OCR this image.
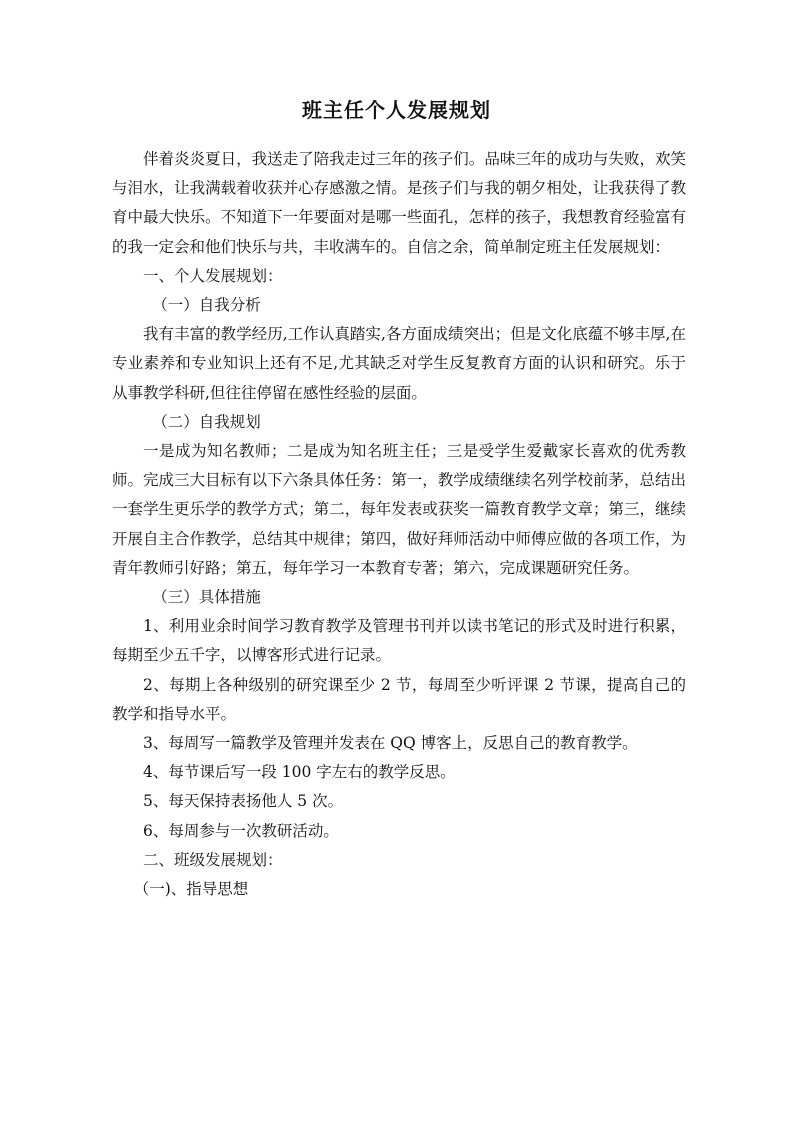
班主任个人发展规划

伴着炎炎夏日，我送走了陪我走过三年的孩子们。品味三年的成功与失败，欢笑与泪水，让我满载着收获并心存感激之情。是孩子们与我的朝夕相处，让我获得了教育中最大快乐。不知道下一年要面对是哪一些面孔，怎样的孩子，我想教育经验富有的我一定会和他们快乐与共，丰收满车的。自信之余，简单制定班主任发展规划：

一、个人发展规划：

（一）自我分析

我有丰富的教学经历,工作认真踏实,各方面成绩突出；但是文化底蕴不够丰厚,在专业素养和专业知识上还有不足,尤其缺乏对学生反复教育方面的认识和研究。乐于从事教学科研,但往往停留在感性经验的层面。

（二）自我规划

一是成为知名教师；二是成为知名班主任；三是受学生爱戴家长喜欢的优秀教师。完成三大目标有以下六条具体任务：第一，教学成绩继续名列学校前茅，总结出一套学生更乐学的教学方式；第二，每年发表或获奖一篇教育教学文章；第三，继续开展自主合作教学，总结其中规律；第四，做好拜师活动中师傅应做的各项工作，为青年教师引好路；第五，每年学习一本教育专著；第六，完成课题研究任务。

（三）具体措施

1、利用业余时间学习教育教学及管理书刊并以读书笔记的形式及时进行积累，每期至少五千字，以博客形式进行记录。

2、每期上各种级别的研究课至少 2 节，每周至少听评课 2 节课，提高自己的教学和指导水平。

3、每周写一篇教学及管理并发表在 QQ 博客上，反思自己的教育教学。

4、每节课后写一段 100 字左右的教学反思。

5、每天保持表扬他人 5 次。

6、每周参与一次教研活动。

二、班级发展规划：

（一)、指导思想
